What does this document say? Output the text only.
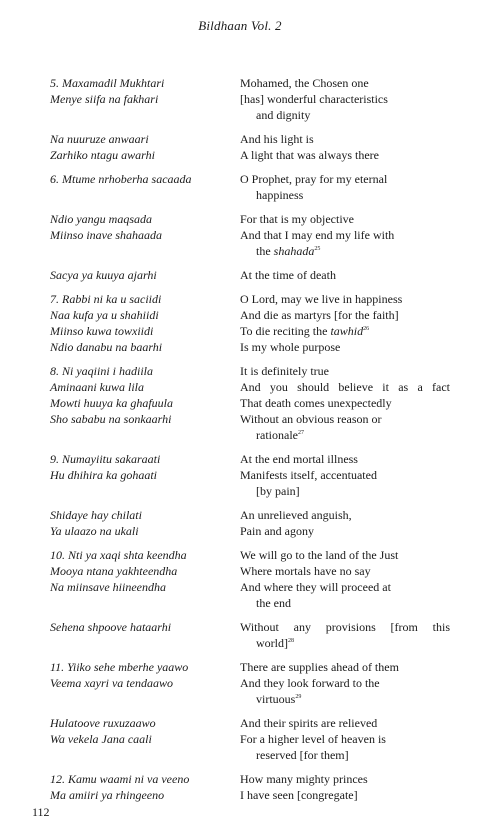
Bildhaan Vol. 2
5. Maxamadil Mukhtari	Mohamed, the Chosen one
Menye siifa na fakhari	[has] wonderful characteristics
and dignity
Na nuuruze anwaari	And his light is
Zarhiko ntagu awarhi	A light that was always there
6. Mtume nrhoberha sacaada	O Prophet, pray for my eternal
happiness
Ndio yangu maqsada	For that is my objective
Miinso inave shahaada	And that I may end my life with
the shahada$^{25}$
Sacya ya kuuya ajarhi	At the time of death
7. Rabbi ni ka u saciidi	O Lord, may we live in happiness
Naa kufa ya u shahiidi	And die as martyrs [for the faith]
Miinso kuwa towxiidi	To die reciting the tawhid$^{26}$
Ndio danabu na baarhi	Is my whole purpose
8. Ni yaqiini i hadiila	It is definitely true
Aminaani kuwa lila	And you should believe it as a fact
Mowti huuya ka ghafuula	That death comes unexpectedly
Sho sababu na sonkaarhi	Without an obvious reason or
rationale$^{27}$
9. Numayiitu sakaraati	At the end mortal illness
Hu dhihira ka gohaati	Manifests itself, accentuated
[by pain]
Shidaye hay chilati	An unrelieved anguish,
Ya ulaazo na ukali	Pain and agony
10. Nti ya xaqi shta keendha	We will go to the land of the Just
Mooya ntana yakhteendha	Where mortals have no say
Na miinsave hiineendha	And where they will proceed at
the end
Sehena shpoove hataarhi	Without any provisions [from this
world]$^{28}$
11. Yiiko sehe mberhe yaawo	There are supplies ahead of them
Veema xayri va tendaawo	And they look forward to the
virtuous$^{29}$
Hulatoove ruxuzaawo	And their spirits are relieved
Wa vekela Jana caali	For a higher level of heaven is
reserved [for them]
12. Kamu waami ni va veeno	How many mighty princes
Ma amiiri ya rhingeeno	I have seen [congregate]
112
